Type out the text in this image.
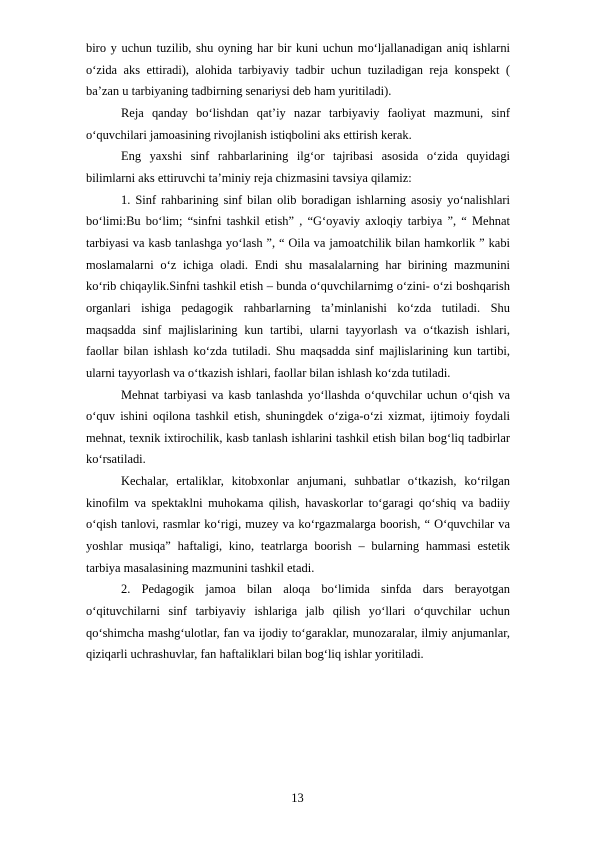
biro y uchun tuzilib, shu oyning har bir kuni uchun mo‘ljallanadigan aniq ishlarni o‘zida aks ettiradi), alohida tarbiyaviy tadbir uchun tuziladigan reja konspekt ( ba’zan u tarbiyaning tadbirning senariysi deb ham yuritiladi).

Reja qanday bo‘lishdan qat’iy nazar tarbiyaviy faoliyat mazmuni, sinf o‘quvchilari jamoasining rivojlanish istiqbolini aks ettirish kerak.

Eng yaxshi sinf rahbarlarining ilg‘or tajribasi asosida o‘zida quyidagi bilimlarni aks ettiruvchi ta’miniy reja chizmasini tavsiya qilamiz:

1. Sinf rahbarining sinf bilan olib boradigan ishlarning asosiy yo‘nalishlari bo‘limi:Bu bo‘lim; “sinfni tashkil etish” , “G‘oyaviy axloqiy tarbiya ”, “ Mehnat tarbiyasi va kasb tanlashga yo‘lash ”, “ Oila va jamoatchilik bilan hamkorlik ” kabi moslamalarni o‘z ichiga oladi. Endi shu masalalarning har birining mazmunini ko‘rib chiqaylik.Sinfni tashkil etish – bunda o‘quvchilarnimg o‘zini- o‘zi boshqarish organlari ishiga pedagogik rahbarlarning ta’minlanishi ko‘zda tutiladi. Shu maqsadda sinf majlislarining kun tartibi, ularni tayyorlash va o‘tkazish ishlari, faollar bilan ishlash ko‘zda tutiladi. Shu maqsadda sinf majlislarining kun tartibi, ularni tayyorlash va o‘tkazish ishlari, faollar bilan ishlash ko‘zda tutiladi.

Mehnat tarbiyasi va kasb tanlashda yo‘llashda o‘quvchilar uchun o‘qish va o‘quv ishini oqilona tashkil etish, shuningdek o‘ziga-o‘zi xizmat, ijtimoiy foydali mehnat, texnik ixtirochilik, kasb tanlash ishlarini tashkil etish bilan bog‘liq tadbirlar ko‘rsatiladi.

Kechalar, ertaliklar, kitobxonlar anjumani, suhbatlar o‘tkazish, ko‘rilgan kinofilm va spektaklni muhokama qilish, havaskorlar to‘garagi qo‘shiq va badiiy o‘qish tanlovi, rasmlar ko‘rigi, muzey va ko‘rgazmalarga boorish, “ O‘quvchilar va yoshlar musiqa” haftaligi, kino, teatrlarga boorish – bularning hammasi estetik tarbiya masalasining mazmunini tashkil etadi.

2. Pedagogik jamoa bilan aloqa bo‘limida sinfda dars berayotgan o‘qituvchilarni sinf tarbiyaviy ishlariga jalb qilish yo‘llari o‘quvchilar uchun qo‘shimcha mashg‘ulotlar, fan va ijodiy to‘garaklar, munozaralar, ilmiy anjumanlar, qiziqarli uchrashuvlar, fan haftaliklari bilan bog‘liq ishlar yoritiladi.

13
